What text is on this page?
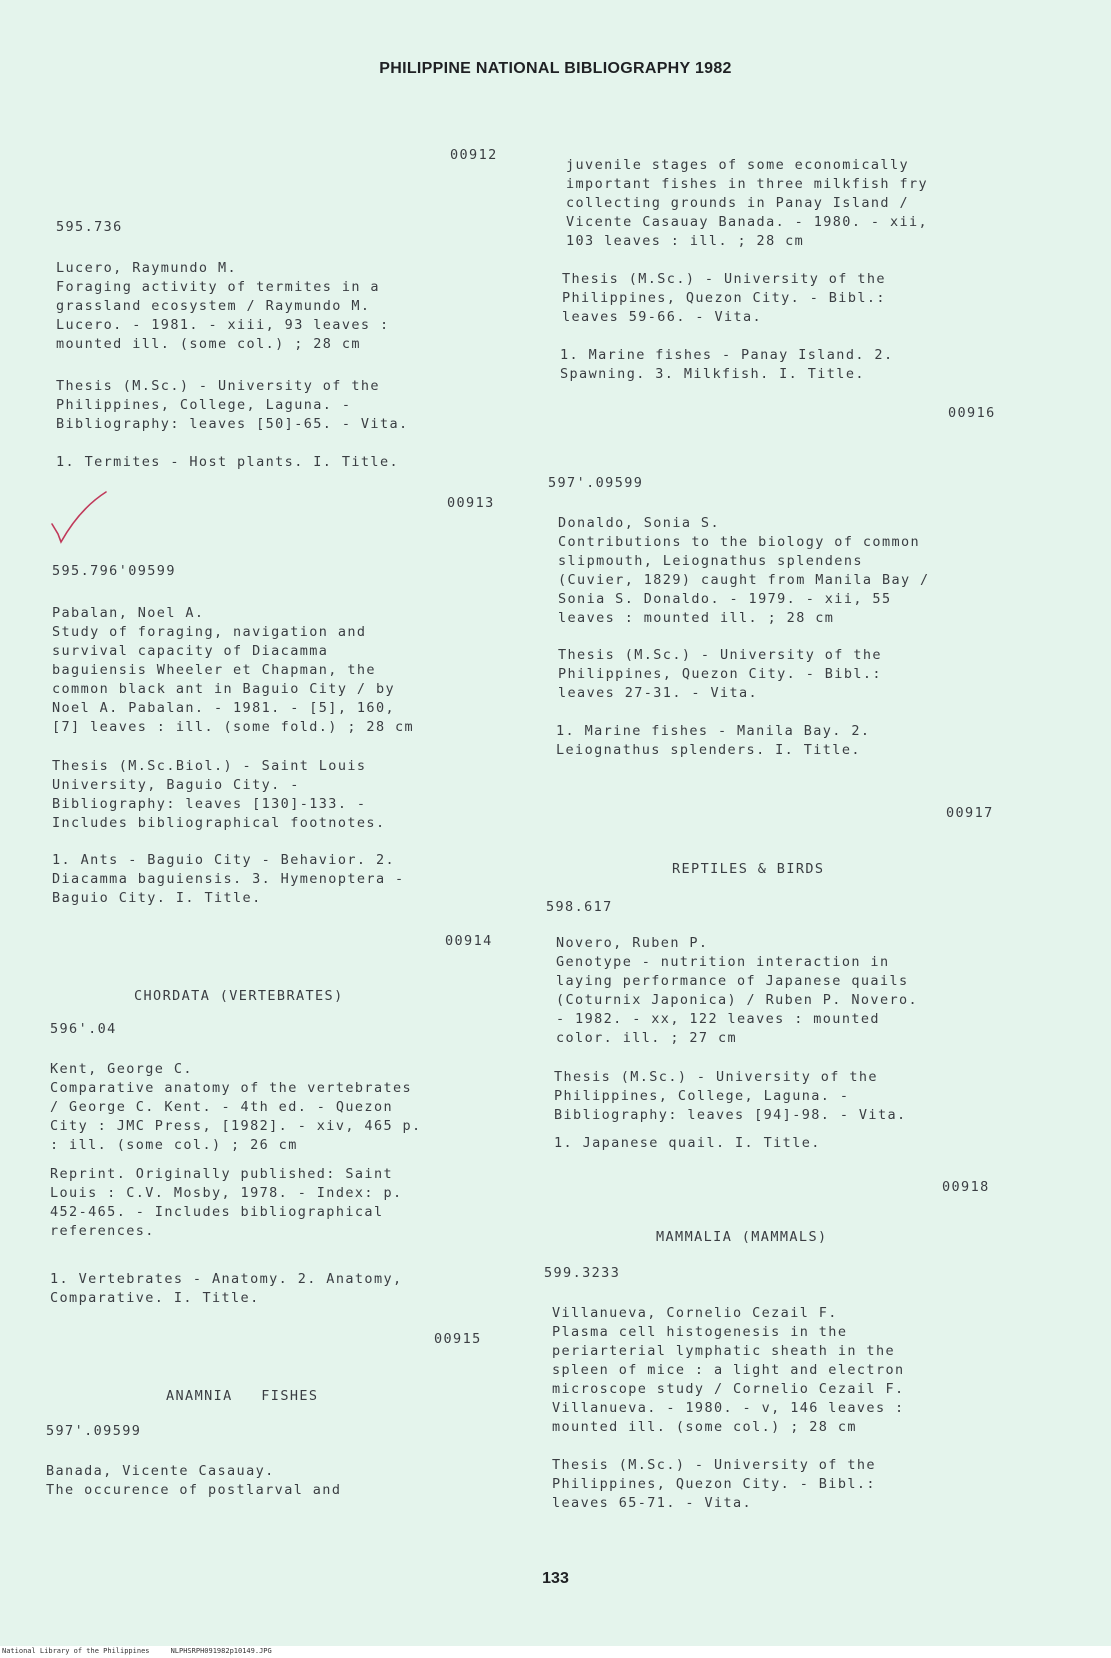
PHILIPPINE NATIONAL BIBLIOGRAPHY 1982
00912
595.736
Lucero, Raymundo M.
Foraging activity of termites in a
grassland ecosystem / Raymundo M.
Lucero. - 1981. - xiii, 93 leaves :
mounted ill. (some col.) ; 28 cm
Thesis (M.Sc.) - University of the
Philippines, College, Laguna. -
Bibliography: leaves [50]-65. - Vita.
1. Termites - Host plants. I. Title.
00913
595.796'09599
Pabalan, Noel A.
Study of foraging, navigation and
survival capacity of Diacamma
baguiensis Wheeler et Chapman, the
common black ant in Baguio City / by
Noel A. Pabalan. - 1981. - [5], 160,
[7] leaves : ill. (some fold.) ; 28 cm
Thesis (M.Sc.Biol.) - Saint Louis
University, Baguio City. -
Bibliography: leaves [130]-133. -
Includes bibliographical footnotes.
1. Ants - Baguio City - Behavior. 2.
Diacamma baguiensis. 3. Hymenoptera -
Baguio City. I. Title.
00914
CHORDATA (VERTEBRATES)
596'.04
Kent, George C.
Comparative anatomy of the vertebrates
/ George C. Kent. - 4th ed. - Quezon
City : JMC Press, [1982]. - xiv, 465 p.
: ill. (some col.) ; 26 cm
Reprint. Originally published: Saint
Louis : C.V. Mosby, 1978. - Index: p.
452-465. - Includes bibliographical
references.
1. Vertebrates - Anatomy. 2. Anatomy,
Comparative. I. Title.
00915
ANAMNIA   FISHES
597'.09599
Banada, Vicente Casauay.
The occurence of postlarval and
juvenile stages of some economically
important fishes in three milkfish fry
collecting grounds in Panay Island /
Vicente Casauay Banada. - 1980. - xii,
103 leaves : ill. ; 28 cm
Thesis (M.Sc.) - University of the
Philippines, Quezon City. - Bibl.:
leaves 59-66. - Vita.
1. Marine fishes - Panay Island. 2.
Spawning. 3. Milkfish. I. Title.
00916
597'.09599
Donaldo, Sonia S.
Contributions to the biology of common
slipmouth, Leiognathus splendens
(Cuvier, 1829) caught from Manila Bay /
Sonia S. Donaldo. - 1979. - xii, 55
leaves : mounted ill. ; 28 cm
Thesis (M.Sc.) - University of the
Philippines, Quezon City. - Bibl.:
leaves 27-31. - Vita.
1. Marine fishes - Manila Bay. 2.
Leiognathus splenders. I. Title.
00917
REPTILES & BIRDS
598.617
Novero, Ruben P.
Genotype - nutrition interaction in
laying performance of Japanese quails
(Coturnix Japonica) / Ruben P. Novero.
- 1982. - xx, 122 leaves : mounted
color. ill. ; 27 cm
Thesis (M.Sc.) - University of the
Philippines, College, Laguna. -
Bibliography: leaves [94]-98. - Vita.
1. Japanese quail. I. Title.
00918
MAMMALIA (MAMMALS)
599.3233
Villanueva, Cornelio Cezail F.
Plasma cell histogenesis in the
periarterial lymphatic sheath in the
spleen of mice : a light and electron
microscope study / Cornelio Cezail F.
Villanueva. - 1980. - v, 146 leaves :
mounted ill. (some col.) ; 28 cm
Thesis (M.Sc.) - University of the
Philippines, Quezon City. - Bibl.:
leaves 65-71. - Vita.
133
National Library of the Philippines     NLPHSRPH091982p10149.JPG
